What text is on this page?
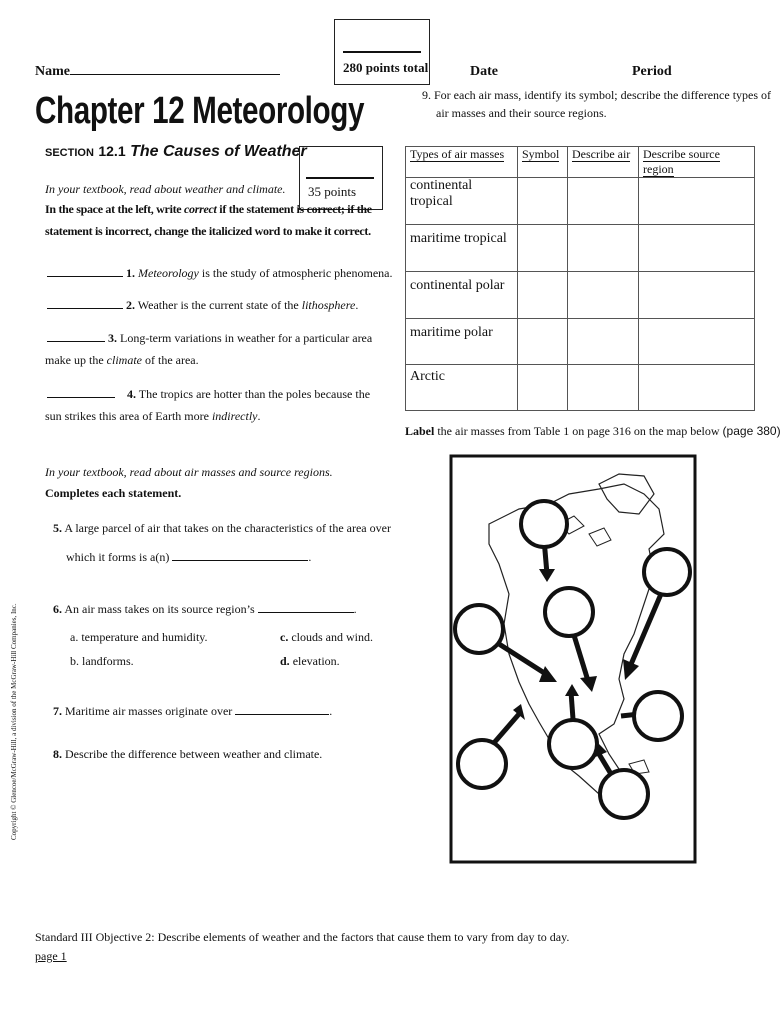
Name	280 points total	Date	Period
Chapter 12 Meteorology
SECTION 12.1 The Causes of Weather
35 points
In your textbook, read about weather and climate.
In the space at the left, write correct if the statement is correct; if the
statement is incorrect, change the italicized word to make it correct.
1. Meteorology is the study of atmospheric phenomena.
2. Weather is the current state of the lithosphere.
3. Long-term variations in weather for a particular area
make up the climate of the area.
4. The tropics are hotter than the poles because the
sun strikes this area of Earth more indirectly.
In your textbook, read about air masses and source regions.
Completes each statement.
5. A large parcel of air that takes on the characteristics of the area over
which it forms is a(n)	.
6. An air mass takes on its source region’s	.
a. temperature and humidity.
b. landforms.
c. clouds and wind.
d. elevation.
7. Maritime air masses originate over	.
8. Describe the difference between weather and climate.
Copyright © Glencoe/McGraw-Hill, a division of the McGraw-Hill Companies, Inc.
9. For each air mass, identify its symbol; describe the difference types of
air masses and their source regions.
Types of air masses	Symbol	Describe air	Describe source region
continental tropical			
maritime tropical			
continental polar			
maritime polar			
Arctic			
Label the air masses from Table 1 on page 316 on the map below (page 380)
Standard III Objective 2: Describe elements of weather and the factors that cause them to vary from day to day.
page 1
